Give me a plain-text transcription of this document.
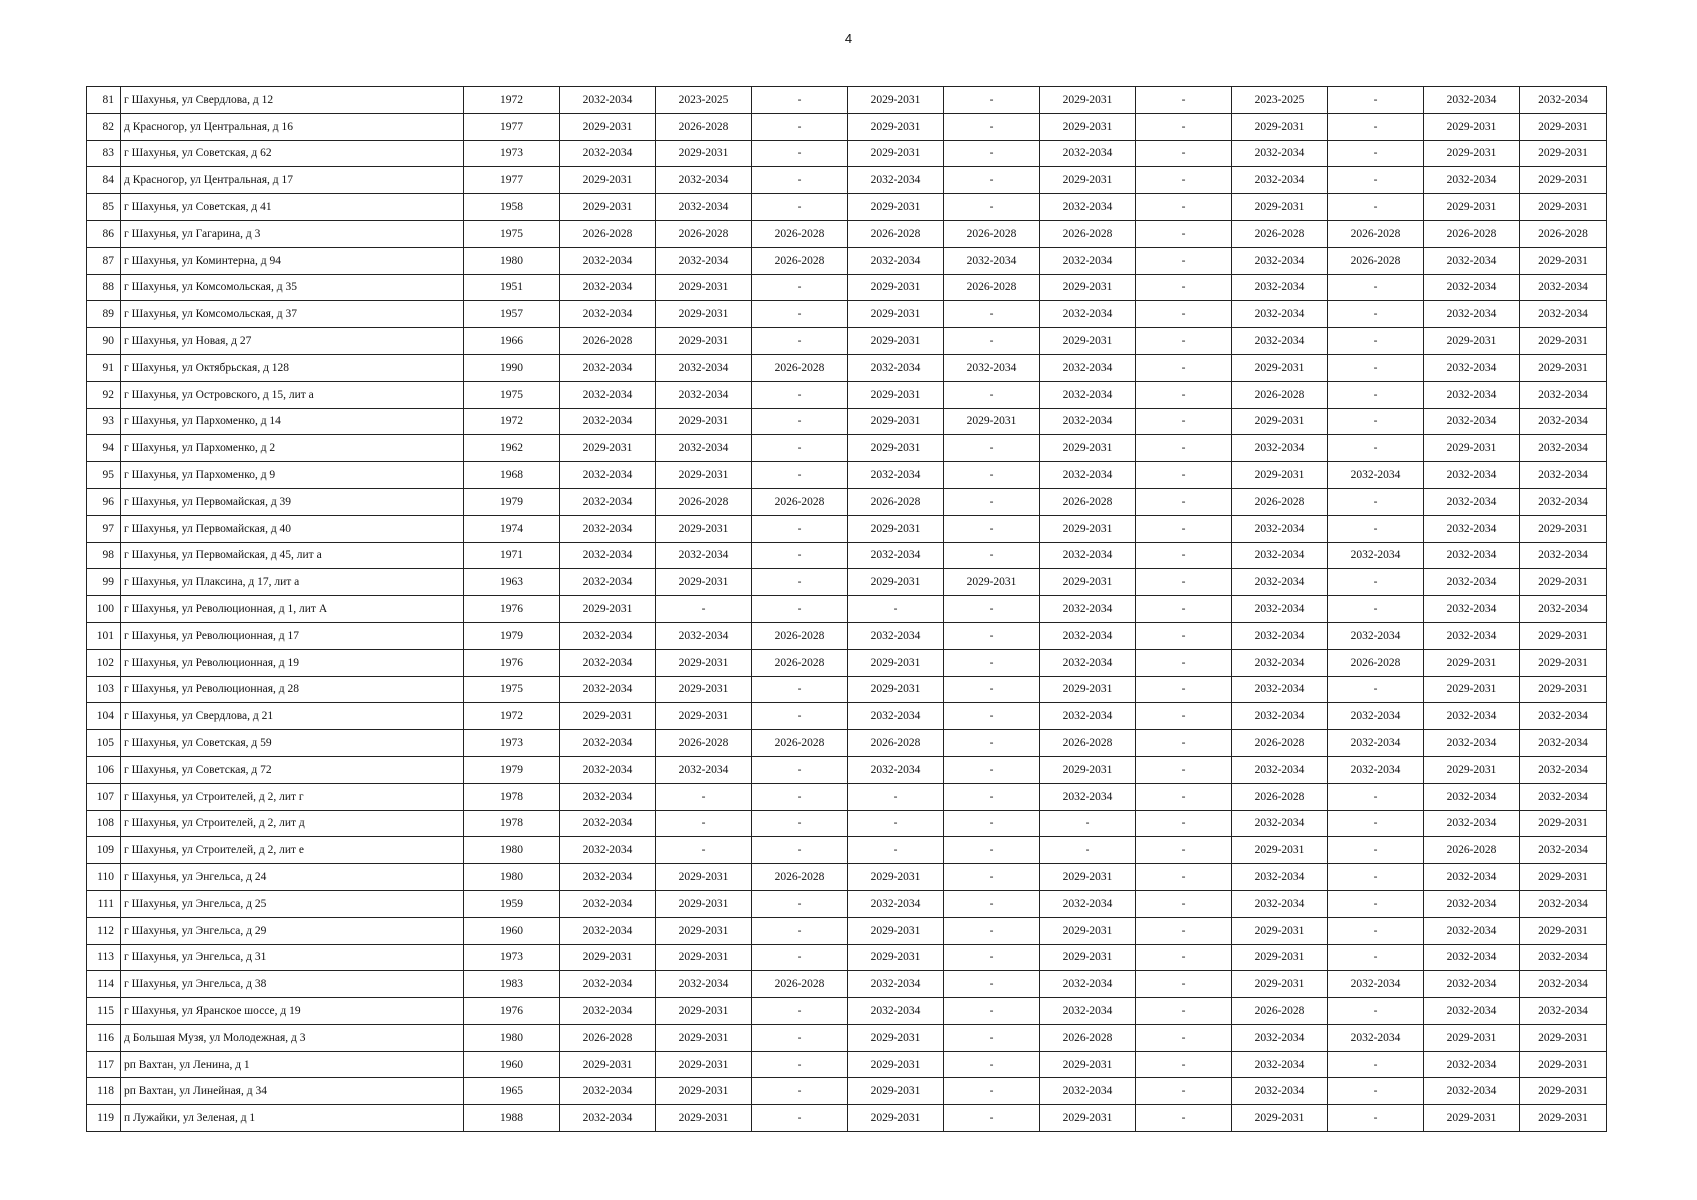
4
81	г Шахунья, ул Свердлова, д 12	1972	2032-2034	2023-2025	-	2029-2031	-	2029-2031	-	2023-2025	-	2032-2034	2032-2034
82	д Красногор, ул Центральная, д 16	1977	2029-2031	2026-2028	-	2029-2031	-	2029-2031	-	2029-2031	-	2029-2031	2029-2031
83	г Шахунья, ул Советская, д 62	1973	2032-2034	2029-2031	-	2029-2031	-	2032-2034	-	2032-2034	-	2029-2031	2029-2031
84	д Красногор, ул Центральная, д 17	1977	2029-2031	2032-2034	-	2032-2034	-	2029-2031	-	2032-2034	-	2032-2034	2029-2031
85	г Шахунья, ул Советская, д 41	1958	2029-2031	2032-2034	-	2029-2031	-	2032-2034	-	2029-2031	-	2029-2031	2029-2031
86	г Шахунья, ул Гагарина, д 3	1975	2026-2028	2026-2028	2026-2028	2026-2028	2026-2028	2026-2028	-	2026-2028	2026-2028	2026-2028	2026-2028
87	г Шахунья, ул Коминтерна, д 94	1980	2032-2034	2032-2034	2026-2028	2032-2034	2032-2034	2032-2034	-	2032-2034	2026-2028	2032-2034	2029-2031
88	г Шахунья, ул Комсомольская, д 35	1951	2032-2034	2029-2031	-	2029-2031	2026-2028	2029-2031	-	2032-2034	-	2032-2034	2032-2034
89	г Шахунья, ул Комсомольская, д 37	1957	2032-2034	2029-2031	-	2029-2031	-	2032-2034	-	2032-2034	-	2032-2034	2032-2034
90	г Шахунья, ул Новая, д 27	1966	2026-2028	2029-2031	-	2029-2031	-	2029-2031	-	2032-2034	-	2029-2031	2029-2031
91	г Шахунья, ул Октябрьская, д 128	1990	2032-2034	2032-2034	2026-2028	2032-2034	2032-2034	2032-2034	-	2029-2031	-	2032-2034	2029-2031
92	г Шахунья, ул Островского, д 15, лит а	1975	2032-2034	2032-2034	-	2029-2031	-	2032-2034	-	2026-2028	-	2032-2034	2032-2034
93	г Шахунья, ул Пархоменко, д 14	1972	2032-2034	2029-2031	-	2029-2031	2029-2031	2032-2034	-	2029-2031	-	2032-2034	2032-2034
94	г Шахунья, ул Пархоменко, д 2	1962	2029-2031	2032-2034	-	2029-2031	-	2029-2031	-	2032-2034	-	2029-2031	2032-2034
95	г Шахунья, ул Пархоменко, д 9	1968	2032-2034	2029-2031	-	2032-2034	-	2032-2034	-	2029-2031	2032-2034	2032-2034	2032-2034
96	г Шахунья, ул Первомайская, д 39	1979	2032-2034	2026-2028	2026-2028	2026-2028	-	2026-2028	-	2026-2028	-	2032-2034	2032-2034
97	г Шахунья, ул Первомайская, д 40	1974	2032-2034	2029-2031	-	2029-2031	-	2029-2031	-	2032-2034	-	2032-2034	2029-2031
98	г Шахунья, ул Первомайская, д 45, лит а	1971	2032-2034	2032-2034	-	2032-2034	-	2032-2034	-	2032-2034	2032-2034	2032-2034	2032-2034
99	г Шахунья, ул Плаксина, д 17, лит а	1963	2032-2034	2029-2031	-	2029-2031	2029-2031	2029-2031	-	2032-2034	-	2032-2034	2029-2031
100	г Шахунья, ул Революционная, д 1, лит А	1976	2029-2031	-	-	-	-	2032-2034	-	2032-2034	-	2032-2034	2032-2034
101	г Шахунья, ул Революционная, д 17	1979	2032-2034	2032-2034	2026-2028	2032-2034	-	2032-2034	-	2032-2034	2032-2034	2032-2034	2029-2031
102	г Шахунья, ул Революционная, д 19	1976	2032-2034	2029-2031	2026-2028	2029-2031	-	2032-2034	-	2032-2034	2026-2028	2029-2031	2029-2031
103	г Шахунья, ул Революционная, д 28	1975	2032-2034	2029-2031	-	2029-2031	-	2029-2031	-	2032-2034	-	2029-2031	2029-2031
104	г Шахунья, ул Свердлова, д 21	1972	2029-2031	2029-2031	-	2032-2034	-	2032-2034	-	2032-2034	2032-2034	2032-2034	2032-2034
105	г Шахунья, ул Советская, д 59	1973	2032-2034	2026-2028	2026-2028	2026-2028	-	2026-2028	-	2026-2028	2032-2034	2032-2034	2032-2034
106	г Шахунья, ул Советская, д 72	1979	2032-2034	2032-2034	-	2032-2034	-	2029-2031	-	2032-2034	2032-2034	2029-2031	2032-2034
107	г Шахунья, ул Строителей, д 2, лит г	1978	2032-2034	-	-	-	-	2032-2034	-	2026-2028	-	2032-2034	2032-2034
108	г Шахунья, ул Строителей, д 2, лит д	1978	2032-2034	-	-	-	-	-	-	2032-2034	-	2032-2034	2029-2031
109	г Шахунья, ул Строителей, д 2, лит е	1980	2032-2034	-	-	-	-	-	-	2029-2031	-	2026-2028	2032-2034
110	г Шахунья, ул Энгельса, д 24	1980	2032-2034	2029-2031	2026-2028	2029-2031	-	2029-2031	-	2032-2034	-	2032-2034	2029-2031
111	г Шахунья, ул Энгельса, д 25	1959	2032-2034	2029-2031	-	2032-2034	-	2032-2034	-	2032-2034	-	2032-2034	2032-2034
112	г Шахунья, ул Энгельса, д 29	1960	2032-2034	2029-2031	-	2029-2031	-	2029-2031	-	2029-2031	-	2032-2034	2029-2031
113	г Шахунья, ул Энгельса, д 31	1973	2029-2031	2029-2031	-	2029-2031	-	2029-2031	-	2029-2031	-	2032-2034	2032-2034
114	г Шахунья, ул Энгельса, д 38	1983	2032-2034	2032-2034	2026-2028	2032-2034	-	2032-2034	-	2029-2031	2032-2034	2032-2034	2032-2034
115	г Шахунья, ул Яранское шоссе, д 19	1976	2032-2034	2029-2031	-	2032-2034	-	2032-2034	-	2026-2028	-	2032-2034	2032-2034
116	д Большая Музя, ул Молодежная, д 3	1980	2026-2028	2029-2031	-	2029-2031	-	2026-2028	-	2032-2034	2032-2034	2029-2031	2029-2031
117	рп Вахтан, ул Ленина, д 1	1960	2029-2031	2029-2031	-	2029-2031	-	2029-2031	-	2032-2034	-	2032-2034	2029-2031
118	рп Вахтан, ул Линейная, д 34	1965	2032-2034	2029-2031	-	2029-2031	-	2032-2034	-	2032-2034	-	2032-2034	2029-2031
119	п Лужайки, ул Зеленая, д 1	1988	2032-2034	2029-2031	-	2029-2031	-	2029-2031	-	2029-2031	-	2029-2031	2029-2031
